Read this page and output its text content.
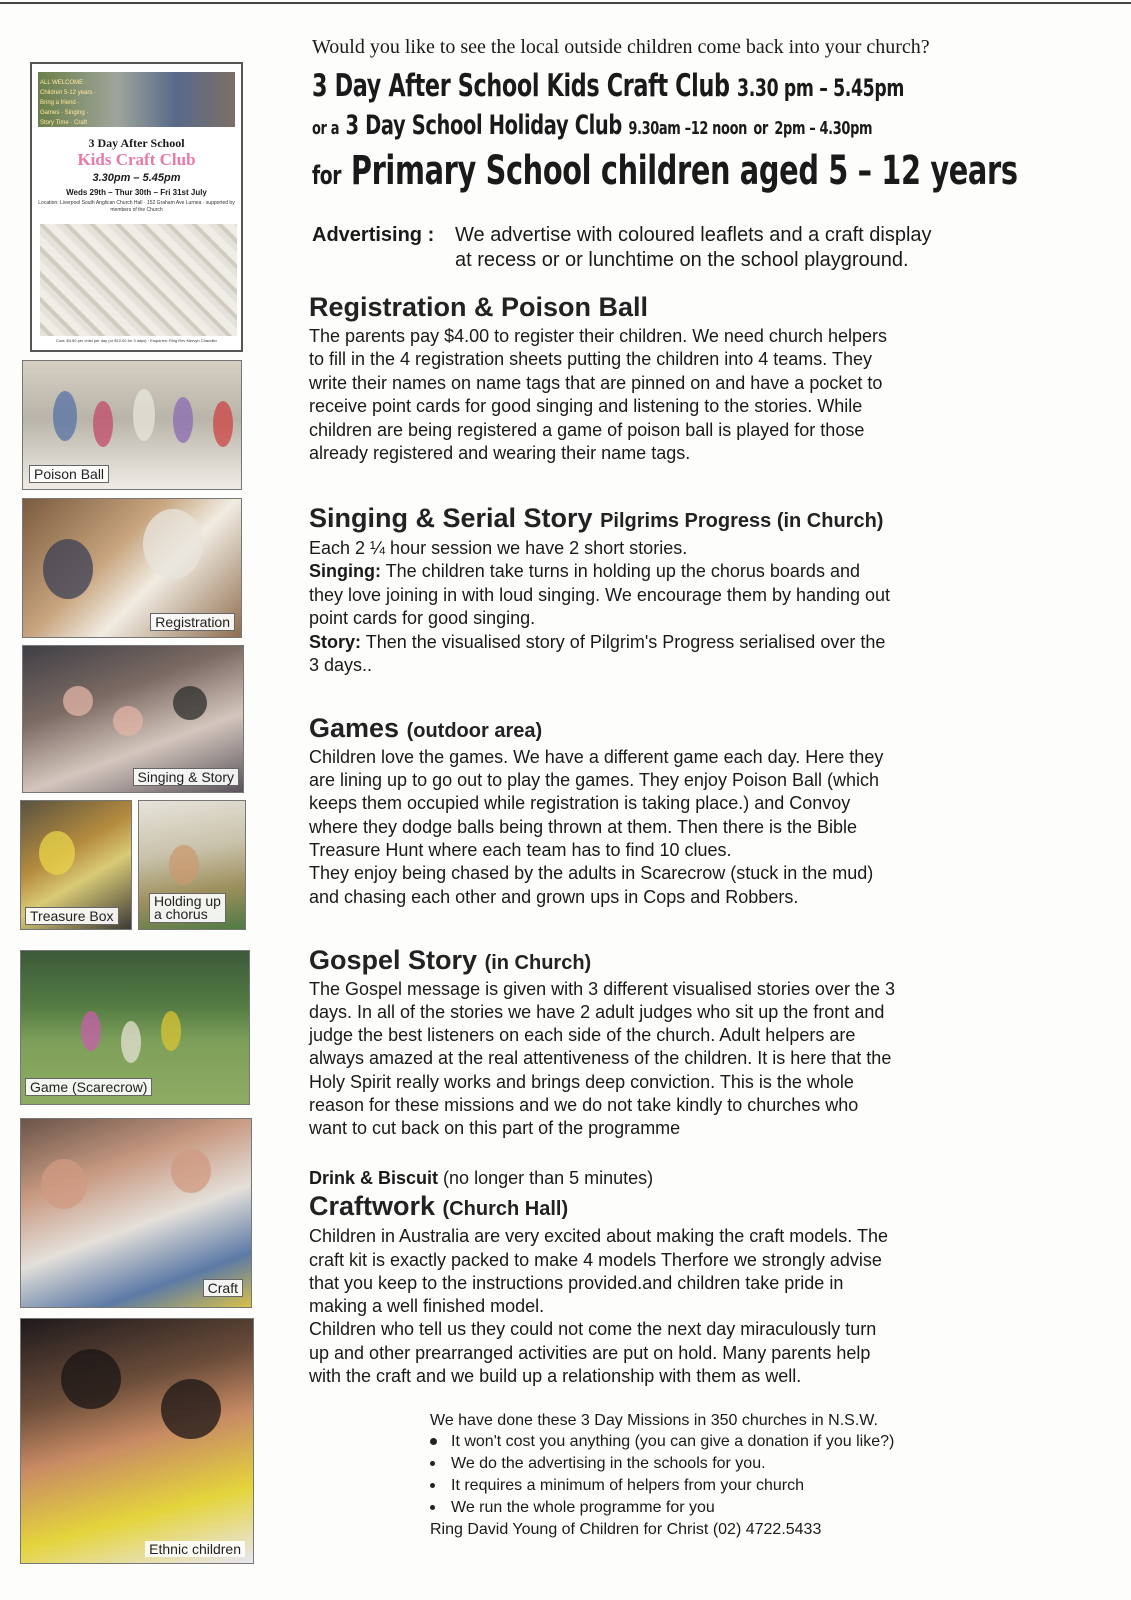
ALL WELCOME · Children 5-12 years · Bring a friend · Games · Singing · Story Time · Craft
3 Day After School
Kids Craft Club
3.30pm – 5.45pm
Weds 29th – Thur 30th – Fri 31st July
Location: Liverpool South Anglican Church Hall · 152 Graham Ave Lurnea · supported by members of the Church
Cost: $4.50 per child per day (or $10.00 for 3 days) · Enquiries: Ring Rev Mervyn Chandler
Poison Ball
Registration
Singing & Story
Treasure Box
Holding up
a chorus
Game (Scarecrow)
Craft
Ethnic children
Would you like to see the local outside children come back into your church?
3 Day After School Kids Craft Club 3.30 pm – 5.45pm
or a 3 Day School Holiday Club 9.30am –12 noon or 2pm – 4.30pm
for Primary School children aged 5 – 12 years
Advertising : We advertise with coloured leaflets and a craft display
at recess or or lunchtime on the school playground.
Registration & Poison Ball
The parents pay $4.00 to register their children. We need church helpers
to fill in the 4 registration sheets putting the children into 4 teams. They
write their names on name tags that are pinned on and have a pocket to
receive point cards for good singing and listening to the stories. While
children are being registered a game of poison ball is played for those
already registered and wearing their name tags.
Singing & Serial Story Pilgrims Progress (in Church)
Each 2 ¼ hour session we have 2 short stories.
Singing: The children take turns in holding up the chorus boards and
they love joining in with loud singing. We encourage them by handing out
point cards for good singing.
Story: Then the visualised story of Pilgrim's Progress serialised over the
3 days..
Games (outdoor area)
Children love the games. We have a different game each day. Here they
are lining up to go out to play the games. They enjoy Poison Ball (which
keeps them occupied while registration is taking place.) and Convoy
where they dodge balls being thrown at them. Then there is the Bible
Treasure Hunt where each team has to find 10 clues.
They enjoy being chased by the adults in Scarecrow (stuck in the mud)
and chasing each other and grown ups in Cops and Robbers.
Gospel Story (in Church)
The Gospel message is given with 3 different visualised stories over the 3
days. In all of the stories we have 2 adult judges who sit up the front and
judge the best listeners on each side of the church. Adult helpers are
always amazed at the real attentiveness of the children. It is here that the
Holy Spirit really works and brings deep conviction. This is the whole
reason for these missions and we do not take kindly to churches who
want to cut back on this part of the programme
Drink & Biscuit (no longer than 5 minutes)
Craftwork (Church Hall)
Children in Australia are very excited about making the craft models. The
craft kit is exactly packed to make 4 models Therfore we strongly advise
that you keep to the instructions provided.and children take pride in
making a well finished model.
Children who tell us they could not come the next day miraculously turn
up and other prearranged activities are put on hold. Many parents help
with the craft and we build up a relationship with them as well.
We have done these 3 Day Missions in 350 churches in N.S.W.
It won't cost you anything (you can give a donation if you like?)
We do the advertising in the schools for you.
It requires a minimum of helpers from your church
We run the whole programme for you
Ring David Young of Children for Christ (02) 4722.5433
